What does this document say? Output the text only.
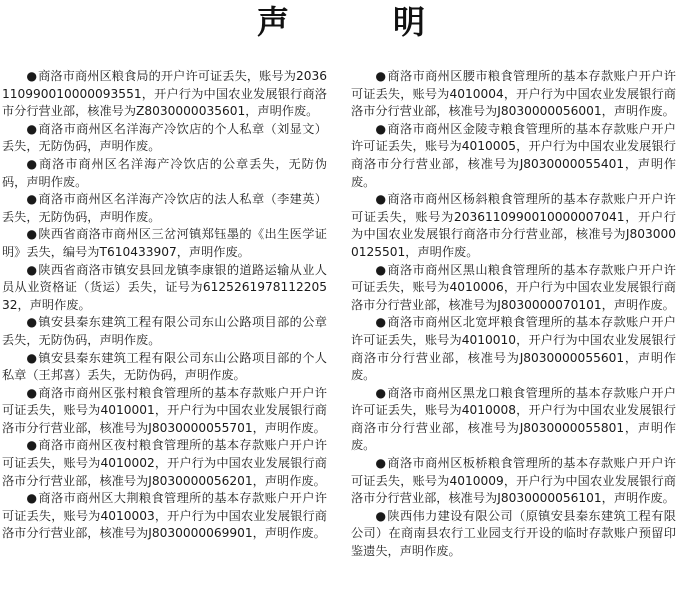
声　明

●商洛市商州区粮食局的开户许可证丢失，账号为2036110990010000093551，开户行为中国农业发展银行商洛市分行营业部，核准号为Z8030000035601，声明作废。

●商洛市商州区名洋海产冷饮店的个人私章（刘显文）丢失，无防伪码，声明作废。

●商洛市商州区名洋海产冷饮店的公章丢失，无防伪码，声明作废。

●商洛市商州区名洋海产冷饮店的法人私章（李建英）丢失，无防伪码，声明作废。

●陕西省商洛市商州区三岔河镇郑钰墨的《出生医学证明》丢失，编号为T610433907，声明作废。

●陕西省商洛市镇安县回龙镇李康银的道路运输从业人员从业资格证（货运）丢失，证号为612526197811220532，声明作废。

●镇安县秦东建筑工程有限公司东山公路项目部的公章丢失，无防伪码，声明作废。

●镇安县秦东建筑工程有限公司东山公路项目部的个人私章（王邦喜）丢失，无防伪码，声明作废。

●商洛市商州区张村粮食管理所的基本存款账户开户许可证丢失，账号为4010001，开户行为中国农业发展银行商洛市分行营业部，核准号为J8030000055701，声明作废。

●商洛市商州区夜村粮食管理所的基本存款账户开户许可证丢失，账号为4010002，开户行为中国农业发展银行商洛市分行营业部，核准号为J8030000056201，声明作废。

●商洛市商州区大荆粮食管理所的基本存款账户开户许可证丢失，账号为4010003，开户行为中国农业发展银行商洛市分行营业部，核准号为J8030000069901，声明作废。

●商洛市商州区腰市粮食管理所的基本存款账户开户许可证丢失，账号为4010004，开户行为中国农业发展银行商洛市分行营业部，核准号为J8030000056001，声明作废。

●商洛市商州区金陵寺粮食管理所的基本存款账户开户许可证丢失，账号为4010005，开户行为中国农业发展银行商洛市分行营业部，核准号为J8030000055401，声明作废。

●商洛市商州区杨斜粮食管理所的基本存款账户开户许可证丢失，账号为2036110990010000007041，开户行为中国农业发展银行商洛市分行营业部，核准号为J8030000125501，声明作废。

●商洛市商州区黑山粮食管理所的基本存款账户开户许可证丢失，账号为4010006，开户行为中国农业发展银行商洛市分行营业部，核准号为J8030000070101，声明作废。

●商洛市商州区北宽坪粮食管理所的基本存款账户开户许可证丢失，账号为4010010，开户行为中国农业发展银行商洛市分行营业部，核准号为J8030000055601，声明作废。

●商洛市商州区黑龙口粮食管理所的基本存款账户开户许可证丢失，账号为4010008，开户行为中国农业发展银行商洛市分行营业部，核准号为J8030000055801，声明作废。

●商洛市商州区板桥粮食管理所的基本存款账户开户许可证丢失，账号为4010009，开户行为中国农业发展银行商洛市分行营业部，核准号为J8030000056101，声明作废。

●陕西伟力建设有限公司（原镇安县秦东建筑工程有限公司）在商南县农行工业园支行开设的临时存款账户预留印鉴遗失，声明作废。
